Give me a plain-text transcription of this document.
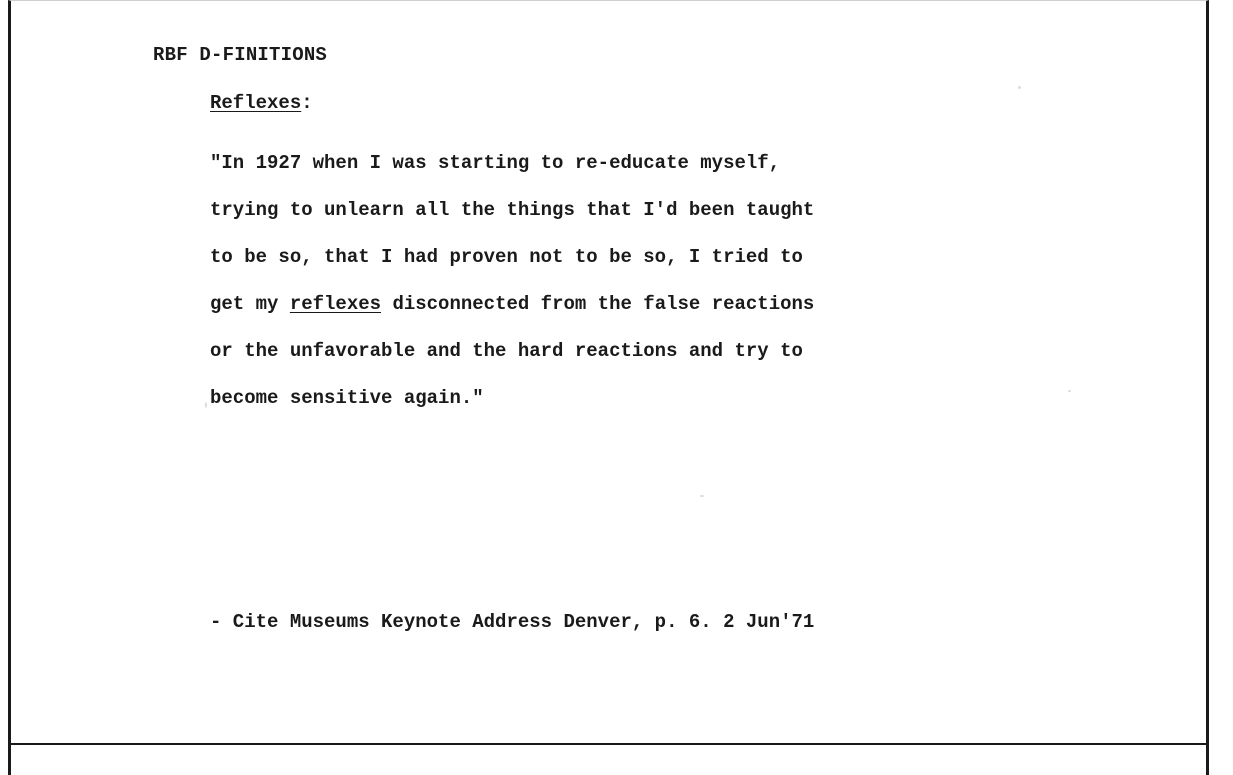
RBF D‐FINITIONS
Reflexes:
"In 1927 when I was starting to re-educate myself,
trying to unlearn all the things that I'd been taught
to be so, that I had proven not to be so, I tried to
get my reflexes disconnected from the false reactions
or the unfavorable and the hard reactions and try to
become sensitive again."
- Cite Museums Keynote Address Denver, p. 6. 2 Jun'71
